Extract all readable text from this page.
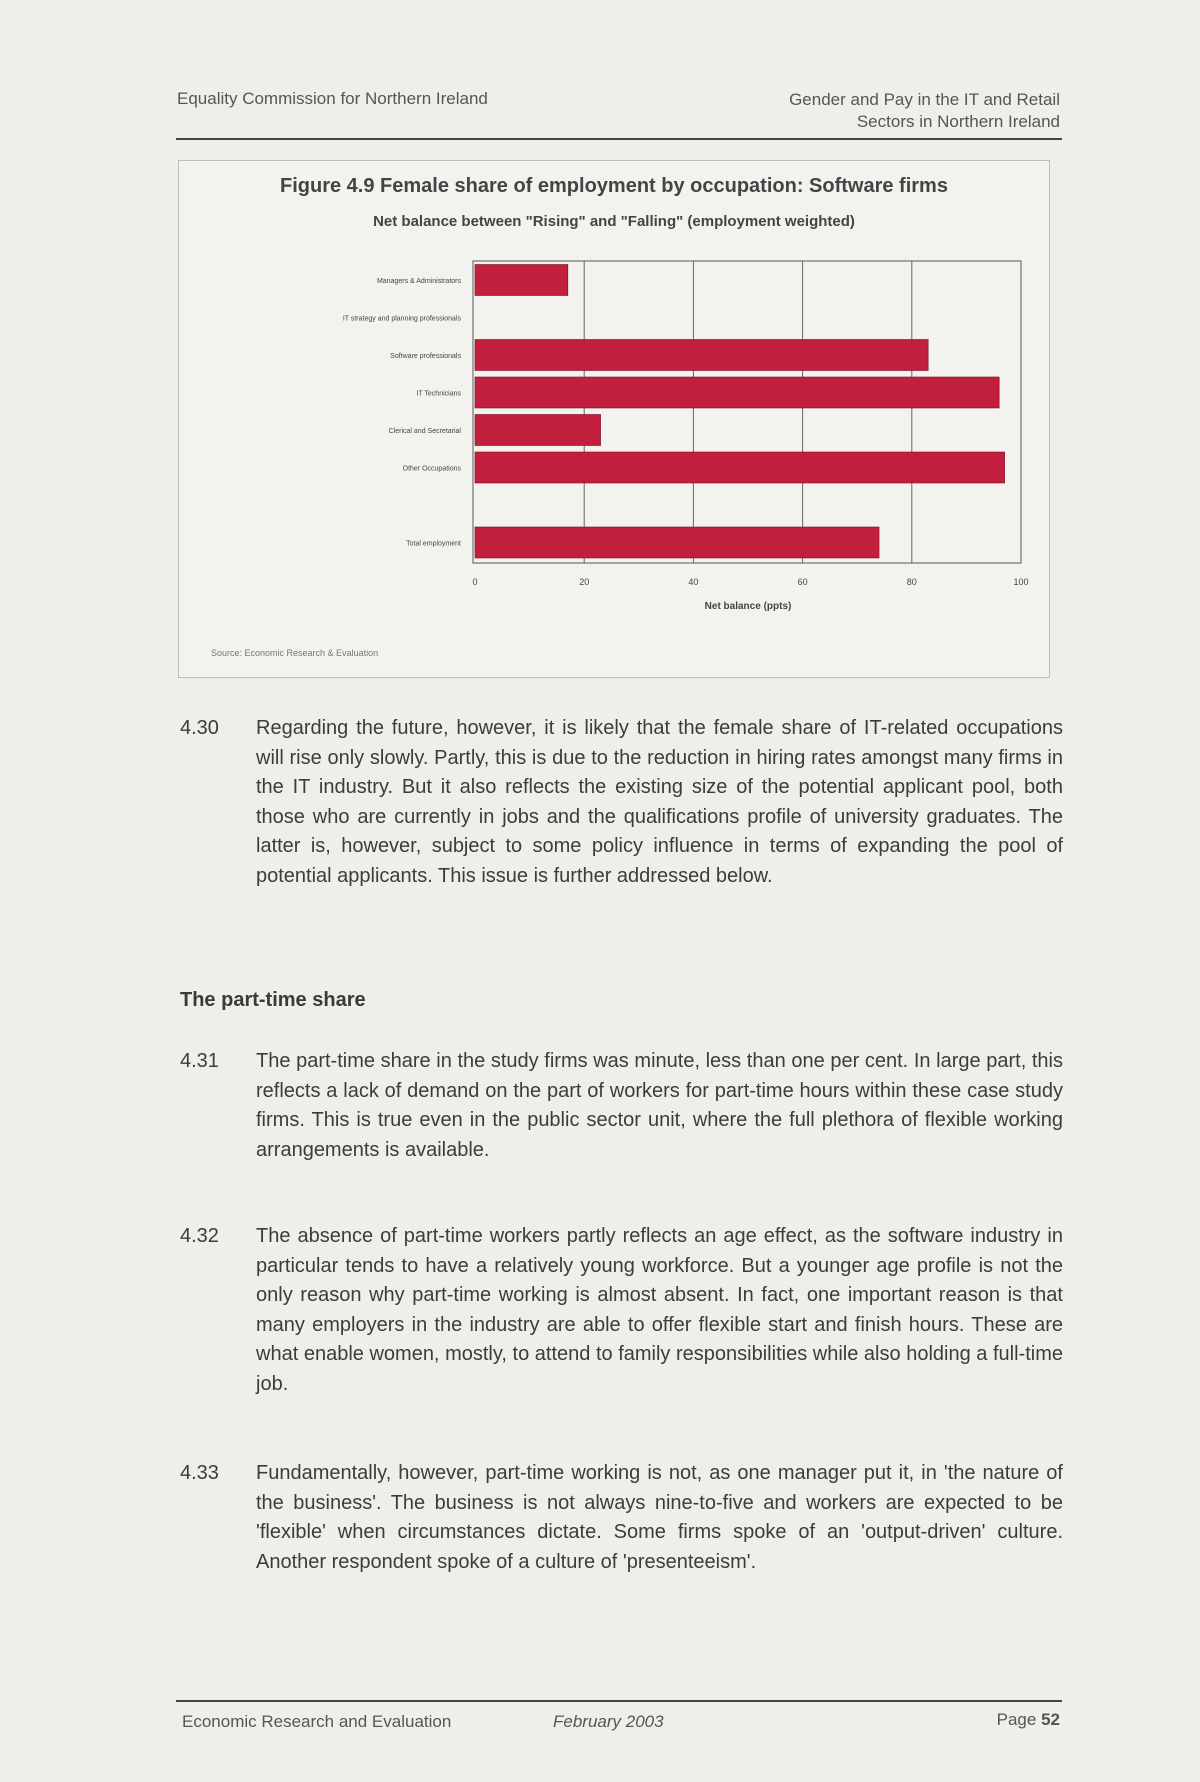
Equality Commission for Northern Ireland	Gender and Pay in the IT and Retail
Sectors in Northern Ireland
Figure 4.9 Female share of employment by occupation: Software firms
Net balance between "Rising" and "Falling" (employment weighted)
0	20	40	60	80	100
Net balance (ppts)
Managers & Administrators
IT strategy and planning professionals
Software professionals
IT Technicians
Clerical and Secretarial
Other Occupations
Total employment
Source: Economic Research & Evaluation
4.30	Regarding the future, however, it is likely that the female share of IT-related occupations will rise only slowly. Partly, this is due to the reduction in hiring rates amongst many firms in the IT industry. But it also reflects the existing size of the potential applicant pool, both those who are currently in jobs and the qualifications profile of university graduates. The latter is, however, subject to some policy influence in terms of expanding the pool of potential applicants. This issue is further addressed below.
The part-time share
4.31	The part-time share in the study firms was minute, less than one per cent. In large part, this reflects a lack of demand on the part of workers for part-time hours within these case study firms. This is true even in the public sector unit, where the full plethora of flexible working arrangements is available.
4.32	The absence of part-time workers partly reflects an age effect, as the software industry in particular tends to have a relatively young workforce. But a younger age profile is not the only reason why part-time working is almost absent. In fact, one important reason is that many employers in the industry are able to offer flexible start and finish hours. These are what enable women, mostly, to attend to family responsibilities while also holding a full-time job.
4.33	Fundamentally, however, part-time working is not, as one manager put it, in 'the nature of the business'. The business is not always nine-to-five and workers are expected to be 'flexible' when circumstances dictate. Some firms spoke of an 'output-driven' culture. Another respondent spoke of a culture of 'presenteeism'.
Economic Research and Evaluation	February 2003	Page 52
